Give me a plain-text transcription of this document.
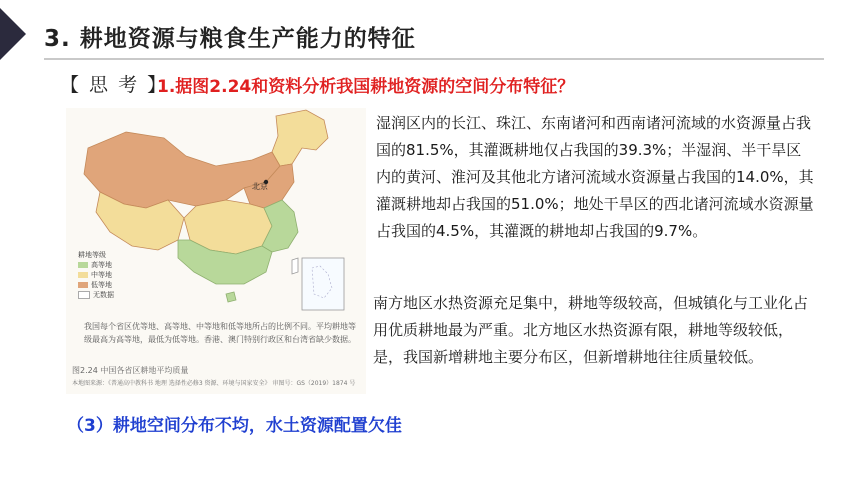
3. 耕地资源与粮食生产能力的特征
【 思 考 】
1.据图2.24和资料分析我国耕地资源的空间分布特征？
北京
耕地等级
高等地
中等地
低等地
无数据
我国每个省区优等地、高等地、中等地和低等地所占的比例不同。平均耕地等级最高为高等地，最低为低等地。香港、澳门特别行政区和台湾省缺少数据。
图2.24 中国各省区耕地平均质量
本地图来源：《普通高中教科书 地理 选择性必修3 资源、环境与国家安全》 审图号：GS（2019）1874 号
湿润区内的长江、珠江、东南诸河和西南诸河流域的水资源量占我国的81.5%，其灌溉耕地仅占我国的39.3%；半湿润、半干旱区内的黄河、淮河及其他北方诸河流域水资源量占我国的14.0%，其灌溉耕地却占我国的51.0%；地处干旱区的西北诸河流域水资源量占我国的4.5%，其灌溉的耕地却占我国的9.7%。
南方地区水热资源充足集中，耕地等级较高，但城镇化与工业化占用优质耕地最为严重。北方地区水热资源有限，耕地等级较低，是，我国新增耕地主要分布区，但新增耕地往往质量较低。
（3）耕地空间分布不均，水土资源配置欠佳
